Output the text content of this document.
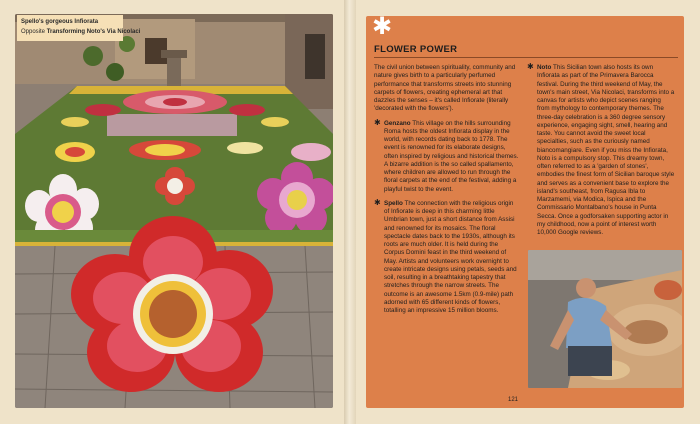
Spello's gorgeous Infiorata
Opposite Transforming Noto's Via Nicolaci	✱
FLOWER POWER

The civil union between spirituality, community and nature gives birth to a particularly perfumed performance that transforms streets into stunning carpets of flowers, creating ephemeral art that dazzles the senses – it's called Infiorate (literally 'decorated with the flowers').

✱ Genzano This village on the hills surrounding Roma hosts the oldest Infiorata display in the world, with records dating back to 1778. The event is renowned for its elaborate designs, often inspired by religious and historical themes. A bizarre addition is the so called spallamento, where children are allowed to run through the floral carpets at the end of the festival, adding a playful twist to the event.
✱ Spello The connection with the religious origin of Infiorate is deep in this charming little Umbrian town, just a short distance from Assisi and renowned for its mosaics. The floral spectacle dates back to the 1930s, although its roots are much older. It is held during the Corpus Domini feast in the third weekend of May. Artists and volunteers work overnight to create intricate designs using petals, seeds and soil, resulting in a breathtaking tapestry that stretches through the narrow streets. The outcome is an awesome 1.5km (0.9-mile) path adorned with 65 different kinds of flowers, totalling an impressive 15 million blooms.
✱ Noto This Sicilian town also hosts its own Infiorata as part of the Primavera Barocca festival. During the third weekend of May, the town's main street, Via Nicolaci, transforms into a canvas for artists who depict scenes ranging from mythology to contemporary themes. The three-day celebration is a 360 degree sensory experience, engaging sight, smell, hearing and taste. You cannot avoid the sweet local specialties, such as the curiously named biancomangiare. Even if you miss the Infiorata, Noto is a compulsory stop. This dreamy town, often referred to as a 'garden of stones', embodies the finest form of Sicilian baroque style and serves as a convenient base to explore the island's southeast, from Ragusa Ibla to Marzamemi, via Modica, Ispica and the Commissario Montalbano's house in Punta Secca. Once a godforsaken supporting actor in my childhood, now a point of interest worth 10,000 Google reviews.
121
